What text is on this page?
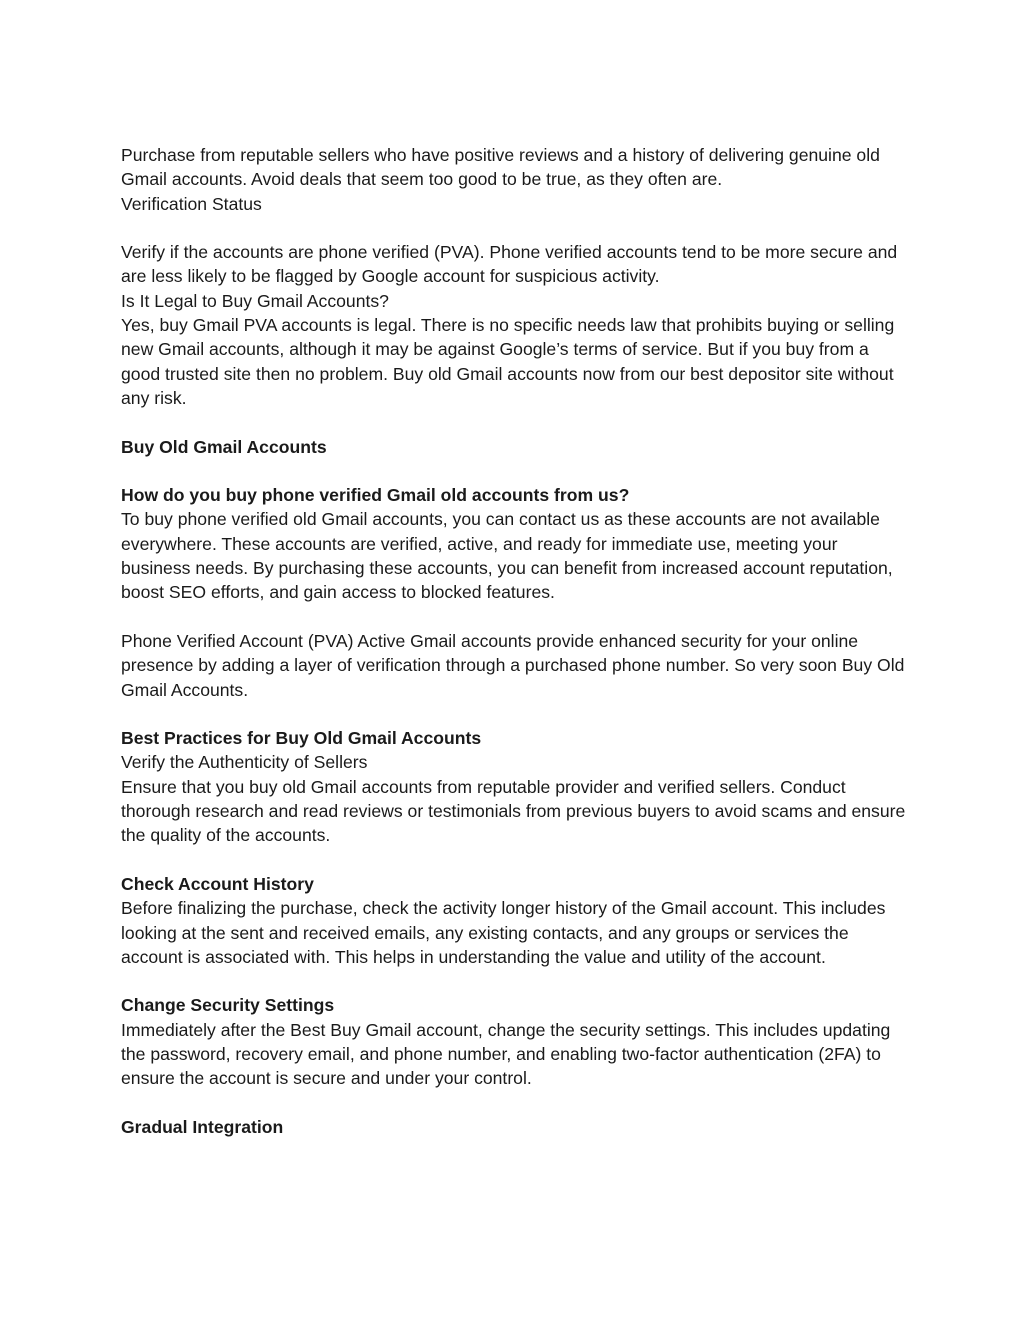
Purchase from reputable sellers who have positive reviews and a history of delivering genuine old Gmail accounts. Avoid deals that seem too good to be true, as they often are.

Verification Status

Verify if the accounts are phone verified (PVA). Phone verified accounts tend to be more secure and are less likely to be flagged by Google account for suspicious activity.

Is It Legal to Buy Gmail Accounts?

Yes, buy Gmail PVA accounts is legal. There is no specific needs law that prohibits buying or selling new Gmail accounts, although it may be against Google’s terms of service. But if you buy from a good trusted site then no problem. Buy old Gmail accounts now from our best depositor site without any risk.

Buy Old Gmail Accounts

How do you buy phone verified Gmail old accounts from us?

To buy phone verified old Gmail accounts, you can contact us as these accounts are not available everywhere. These accounts are verified, active, and ready for immediate use, meeting your business needs. By purchasing these accounts, you can benefit from increased account reputation, boost SEO efforts, and gain access to blocked features.

Phone Verified Account (PVA) Active Gmail accounts provide enhanced security for your online presence by adding a layer of verification through a purchased phone number. So very soon Buy Old Gmail Accounts.

Best Practices for Buy Old Gmail Accounts

Verify the Authenticity of Sellers

Ensure that you buy old Gmail accounts from reputable provider and verified sellers. Conduct thorough research and read reviews or testimonials from previous buyers to avoid scams and ensure the quality of the accounts.

Check Account History

Before finalizing the purchase, check the activity longer history of the Gmail account. This includes looking at the sent and received emails, any existing contacts, and any groups or services the account is associated with. This helps in understanding the value and utility of the account.

Change Security Settings

Immediately after the Best Buy Gmail account, change the security settings. This includes updating the password, recovery email, and phone number, and enabling two-factor authentication (2FA) to ensure the account is secure and under your control.

Gradual Integration
